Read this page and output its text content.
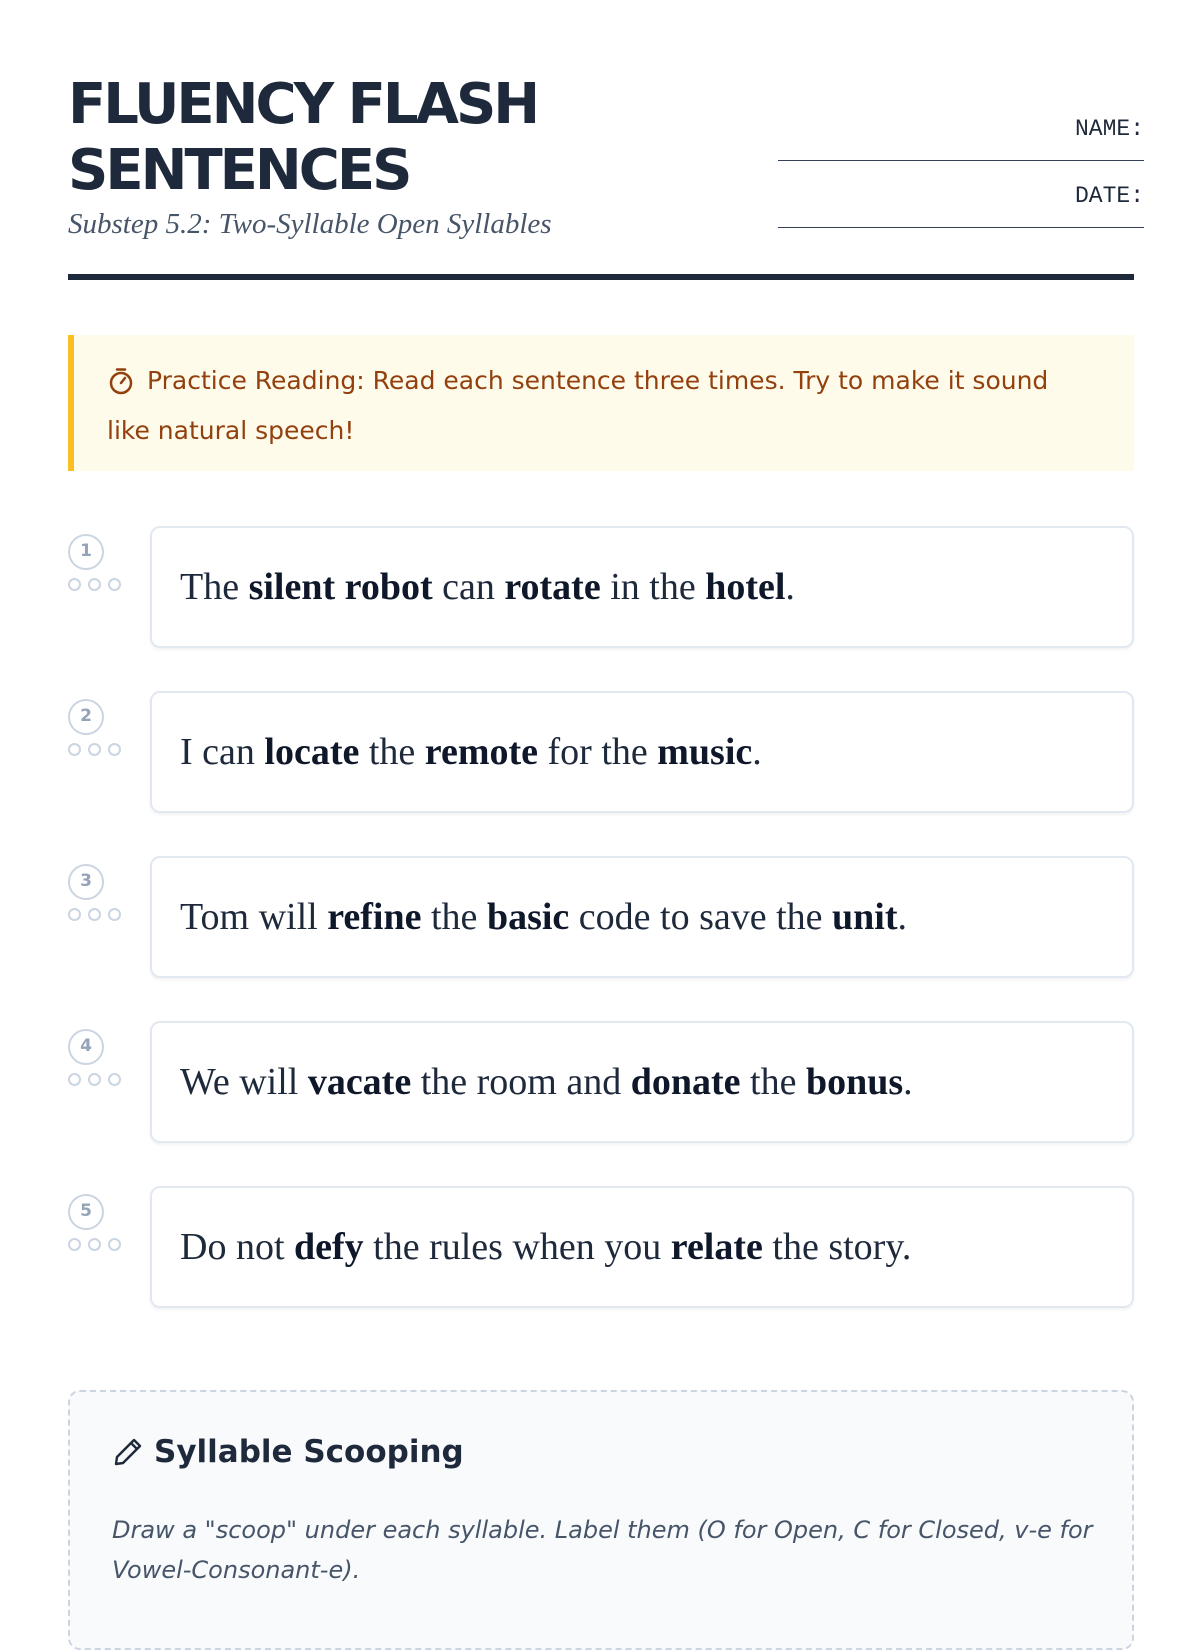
FLUENCY FLASH
SENTENCES
Substep 5.2: Two-Syllable Open Syllables
NAME:
DATE:
Practice Reading: Read each sentence three times. Try to make it sound like natural speech!
1
The silent robot can rotate in the hotel.
2
I can locate the remote for the music.
3
Tom will refine the basic code to save the unit.
4
We will vacate the room and donate the bonus.
5
Do not defy the rules when you relate the story.
Syllable Scooping
Draw a "scoop" under each syllable. Label them (O for Open, C for Closed, v-e for Vowel-Consonant-e).
